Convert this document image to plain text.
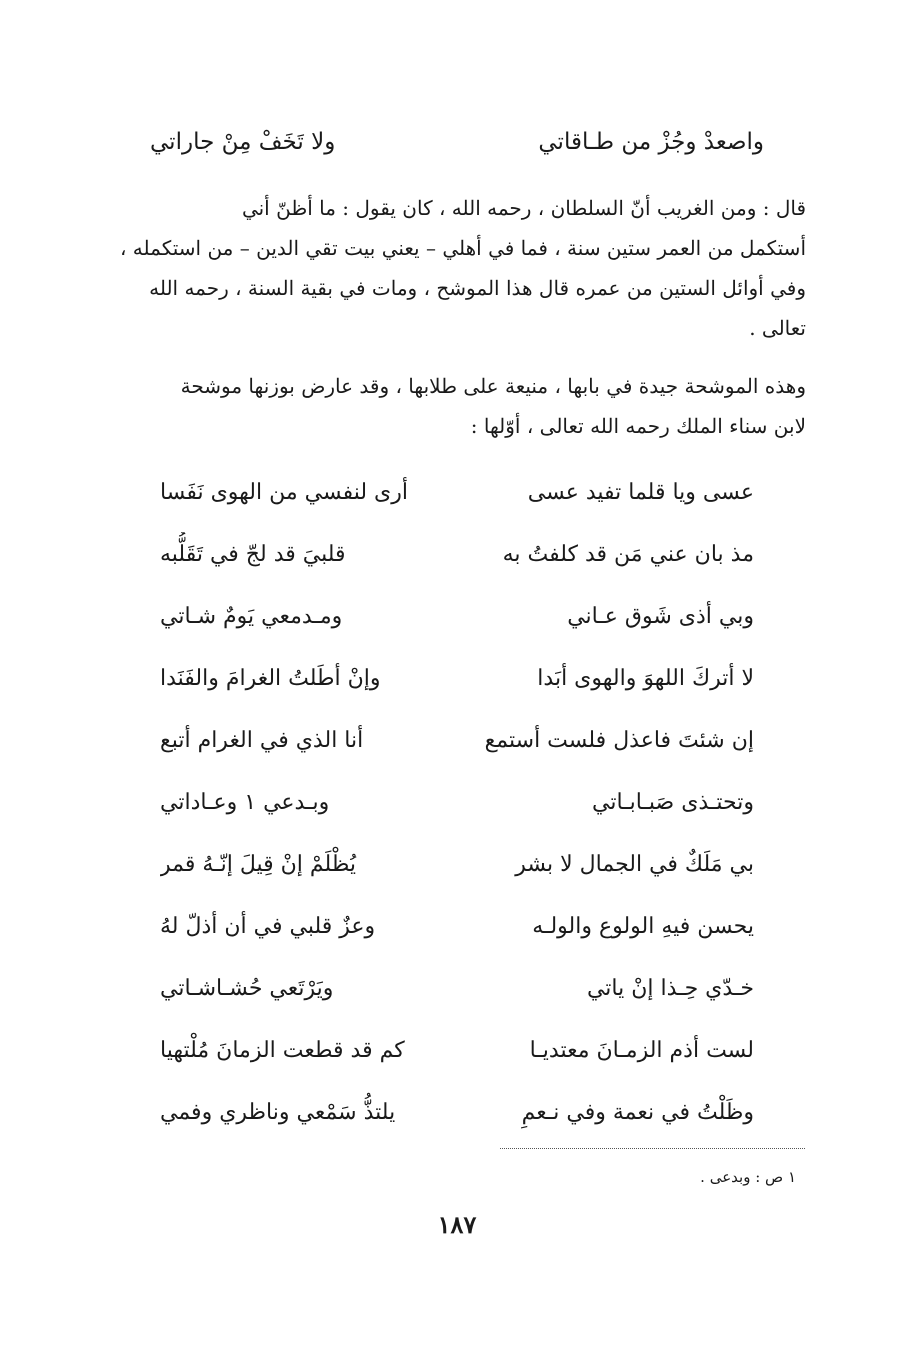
واصعدْ وجُزْ من طـاقاتي
ولا تَخَفْ مِنْ جاراتي

قال : ومن الغريب أنّ السلطان ، رحمه الله ، كان يقول : ما أظنّ أني
أستكمل من العمر ستين سنة ، فما في أهلي – يعني بيت تقي الدين – من استكمله ،
وفي أوائل الستين من عمره قال هذا الموشح ، ومات في بقية السنة ، رحمه الله
تعالى .

وهذه الموشحة جيدة في بابها ، منيعة على طلابها ، وقد عارض بوزنها موشحة
لابن سناء الملك رحمه الله تعالى ، أوّلها :

عسى ويا قلما تفيد عسى
أرى لنفسي من الهوى نَفَسا
مذ بان عني مَن قد كلفتُ به
قلبيَ قد لجّ في تَقَلُّبه
وبي أذى شَوق عـاني
ومـدمعي يَومٌ شـاتي
لا أتركَ اللهوَ والهوى أبَدا
وإنْ أطَلتُ الغرامَ والفَنَدا
إن شئتَ فاعذل فلست أستمع
أنا الذي في الغرام أتبع
وتحتـذى صَبـابـاتي
وبـدعي ١ وعـاداتي
بي مَلَكٌ في الجمال لا بشر
يُظْلَمْ إنْ قِيلَ إنّـهُ قمر
يحسن فيهِ الولوع والولـه
وعزٌ قلبي في أن أذلّ لهُ
خـدّي حِـذا إنْ ياتي
ويَرْتَعي حُشـاشـاتي
لست أذم الزمـانَ معتديـا
كم قد قطعت الزمانَ مُلْتهيا
وظَلْتُ في نعمة وفي نـعمِ
يلتذُّ سَمْعي وناظري وفمي
١ ص : وبدعى .
١٨٧
